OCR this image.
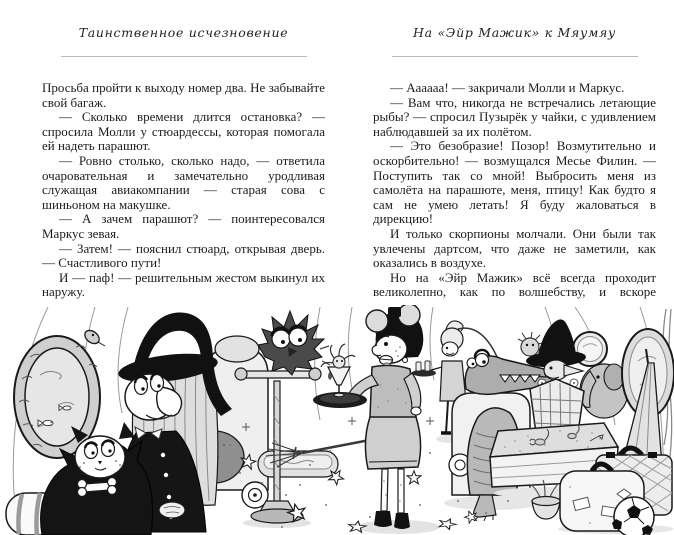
Таинственное исчезновение

Просьба пройти к выходу номер два. Не забывайте свой багаж.

— Сколько времени длится остановка? — спросила Молли у стюардессы, которая помогала ей надеть парашют.

— Ровно столько, сколько надо, — ответила очаровательная и замечательно уродливая служащая авиакомпании — старая сова с шиньоном на макушке.

— А зачем парашют? — поинтересовался Маркус зевая.

— Затем! — пояснил стюард, открывая дверь. — Счастливого пути!

И — паф! — решительным жестом выкинул их наружу.

На «Эйр Мажик» к Мяумяу

— Аааааа! — закричали Молли и Маркус.

— Вам что, никогда не встречались летающие рыбы? — спросил Пузырёк у чайки, с удивлением наблюдавшей за их полётом.

— Это безобразие! Позор! Возмутительно и оскорбительно! — возмущался Месье Филин. — Поступить так со мной! Выбросить меня из самолёта на парашюте, меня, птицу! Как будто я сам не умею летать! Я буду жаловаться в дирекцию!

И только скорпионы молчали. Они были так увлечены дартсом, что даже не заметили, как оказались в воздухе.

Но на «Эйр Мажик» всё всегда проходит великолепно, как по волшебству, и вскоре
